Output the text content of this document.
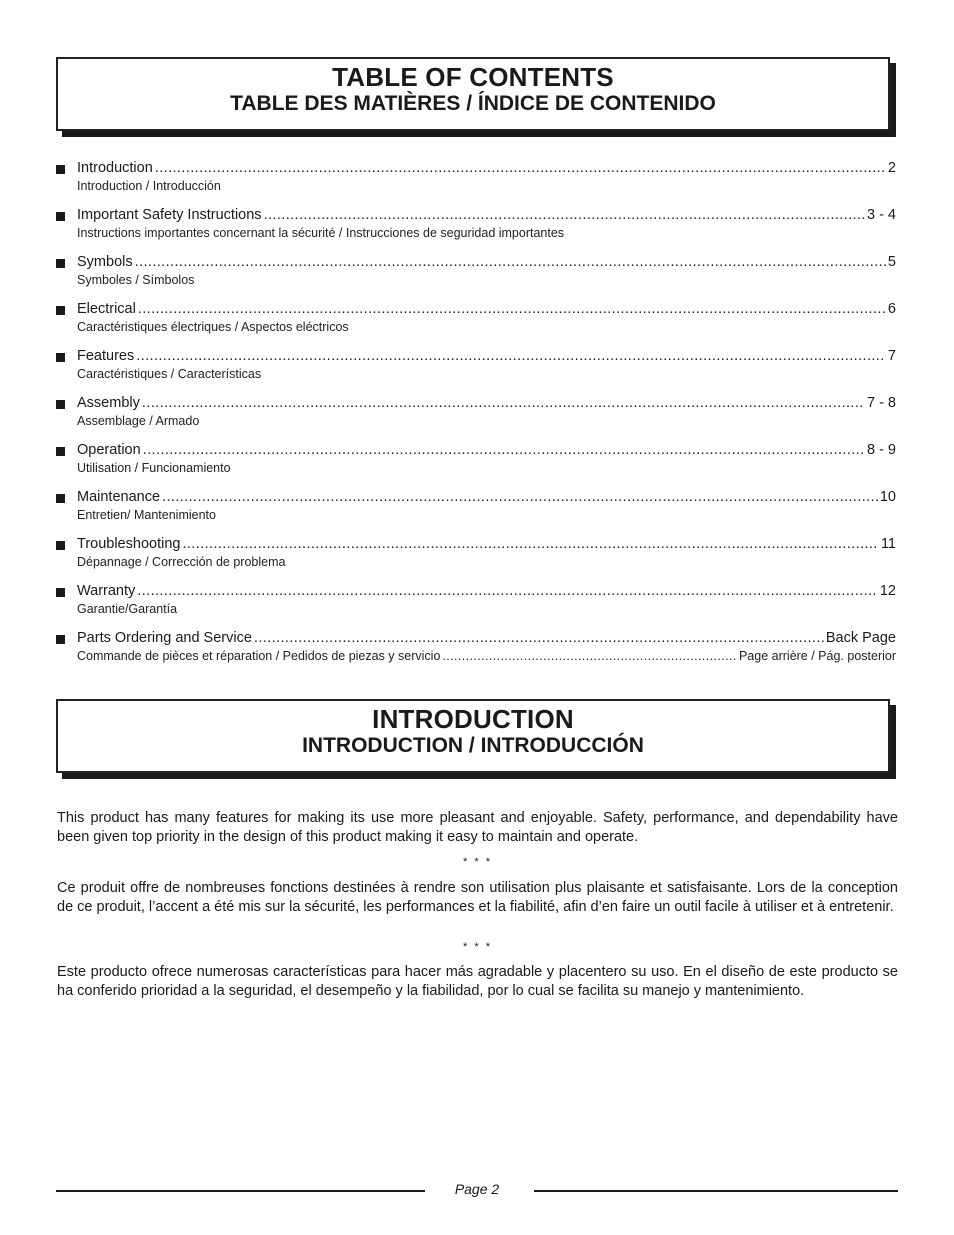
TABLE OF CONTENTS
TABLE DES MATIÈRES / ÍNDICE DE CONTENIDO
Introduction .....	2
Introduction / Introducción
Important Safety Instructions .....	3 - 4
Instructions importantes concernant la sécurité / Instrucciones de seguridad importantes
Symbols .....	5
Symboles / Símbolos
Electrical .....	6
Caractéristiques électriques / Aspectos eléctricos
Features .....	7
Caractéristiques / Características
Assembly .....	7 - 8
Assemblage / Armado
Operation .....	8 - 9
Utilisation / Funcionamiento
Maintenance .....	10
Entretien/ Mantenimiento
Troubleshooting .....	11
Dépannage / Corrección de problema
Warranty .....	12
Garantie/Garantía
Parts Ordering and Service .....	Back Page
Commande de pièces et réparation / Pedidos de piezas y servicio .....	Page arrière / Pág. posterior
INTRODUCTION
INTRODUCTION / INTRODUCCIÓN
This product has many features for making its use more pleasant and enjoyable. Safety, performance, and dependability have been given top priority in the design of this product making it easy to maintain and operate.
* * *
Ce produit offre de nombreuses fonctions destinées à rendre son utilisation plus plaisante et satisfaisante. Lors de la conception de ce produit, l’accent a été mis sur la sécurité, les performances et la fiabilité, afin d’en faire un outil facile à utiliser et à entretenir.
* * *
Este producto ofrece numerosas características para hacer más agradable y placentero su uso. En el diseño de este producto se ha conferido prioridad a la seguridad, el desempeño y la fiabilidad, por lo cual se facilita su manejo y mantenimiento.
Page 2
